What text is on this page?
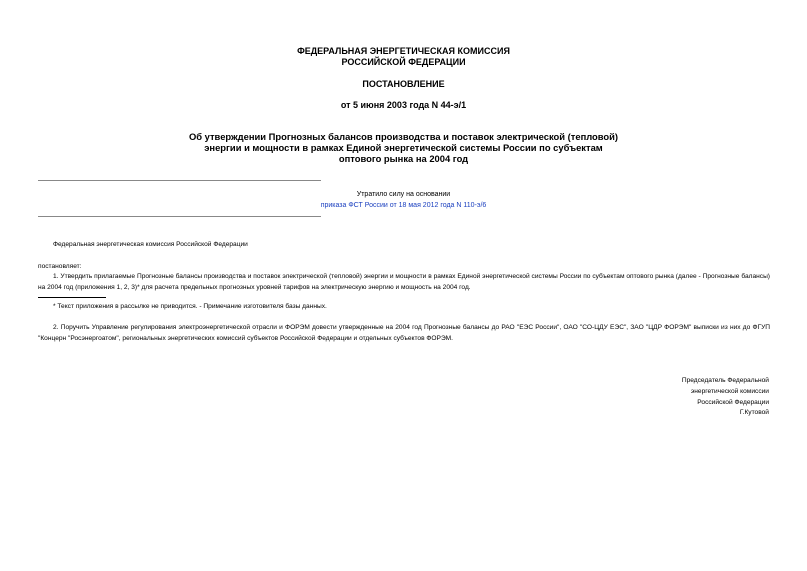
ФЕДЕРАЛЬНАЯ ЭНЕРГЕТИЧЕСКАЯ КОМИССИЯ
РОССИЙСКОЙ ФЕДЕРАЦИИ
ПОСТАНОВЛЕНИЕ
от 5 июня 2003 года N 44-э/1
Об утверждении Прогнозных балансов производства и поставок электрической (тепловой)
энергии и мощности в рамках Единой энергетической системы России по субъектам
оптового рынка на 2004 год
Утратило силу на основании
приказа ФСТ России от 18 мая 2012 года N 110-э/6
Федеральная энергетическая комиссия Российской Федерации
постановляет:
1. Утвердить прилагаемые Прогнозные балансы производства и поставок электрической (тепловой) энергии и мощности в рамках Единой энергетической системы России по субъектам оптового рынка (далее - Прогнозные балансы) на 2004 год (приложения 1, 2, 3)* для расчета предельных прогнозных уровней тарифов на электрическую энергию и мощность на 2004 год.
* Текст приложения в рассылке не приводится. - Примечание изготовителя базы данных.
2. Поручить Управление регулирования электроэнергетической отрасли и ФОРЭМ довести утвержденные на 2004 год Прогнозные балансы до РАО "ЕЭС России", ОАО "СО-ЦДУ ЕЭС", ЗАО "ЦДР ФОРЭМ" выписки из них до ФГУП "Концерн "Росэнергоатом", региональных энергетических комиссий субъектов Российской Федерации и отдельных субъектов ФОРЭМ.
Председатель Федеральной
энергетической комиссии
Российской Федерации
Г.Кутовой
